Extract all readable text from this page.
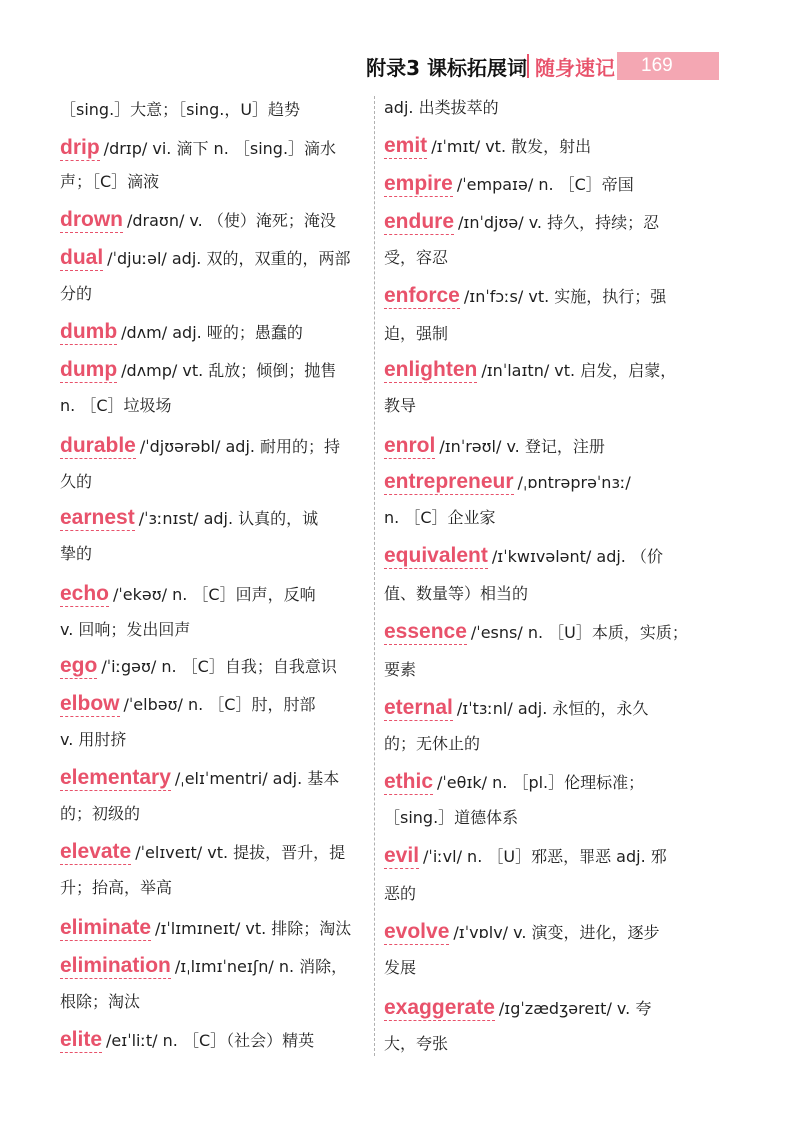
附录3 课标拓展词 随身速记	169
［sing.］大意；［sing.，U］趋势
drip /drɪp/ vi. 滴下 n. ［sing.］滴水
声；［C］滴液
drown /draʊn/ v. （使）淹死；淹没
dual /ˈdjuːəl/ adj. 双的，双重的，两部
分的
dumb /dʌm/ adj. 哑的；愚蠢的
dump /dʌmp/ vt. 乱放；倾倒；抛售
n. ［C］垃圾场
durable /ˈdjʊərəbl/ adj. 耐用的；持
久的
earnest /ˈɜːnɪst/ adj. 认真的，诚
挚的
echo /ˈekəʊ/ n. ［C］回声，反响
v. 回响；发出回声
ego /ˈiːgəʊ/ n. ［C］自我；自我意识
elbow /ˈelbəʊ/ n. ［C］肘，肘部
v. 用肘挤
elementary /ˌelɪˈmentri/ adj. 基本
的；初级的
elevate /ˈelɪveɪt/ vt. 提拔，晋升，提
升；抬高，举高
eliminate /ɪˈlɪmɪneɪt/ vt. 排除；淘汰
elimination /ɪˌlɪmɪˈneɪʃn/ n. 消除，
根除；淘汰
elite /eɪˈliːt/ n. ［C］（社会）精英
adj. 出类拔萃的
emit /ɪˈmɪt/ vt. 散发，射出
empire /ˈempaɪə/ n. ［C］帝国
endure /ɪnˈdjʊə/ v. 持久，持续；忍
受，容忍
enforce /ɪnˈfɔːs/ vt. 实施，执行；强
迫，强制
enlighten /ɪnˈlaɪtn/ vt. 启发，启蒙，
教导
enrol /ɪnˈrəʊl/ v. 登记，注册
entrepreneur /ˌɒntrəprəˈnɜː/
n. ［C］企业家
equivalent /ɪˈkwɪvələnt/ adj. （价
值、数量等）相当的
essence /ˈesns/ n. ［U］本质，实质；
要素
eternal /ɪˈtɜːnl/ adj. 永恒的，永久
的；无休止的
ethic /ˈeθɪk/ n. ［pl.］伦理标准；
［sing.］道德体系
evil /ˈiːvl/ n. ［U］邪恶，罪恶 adj. 邪
恶的
evolve /ɪˈvɒlv/ v. 演变，进化，逐步
发展
exaggerate /ɪgˈzædʒəreɪt/ v. 夸
大，夸张
